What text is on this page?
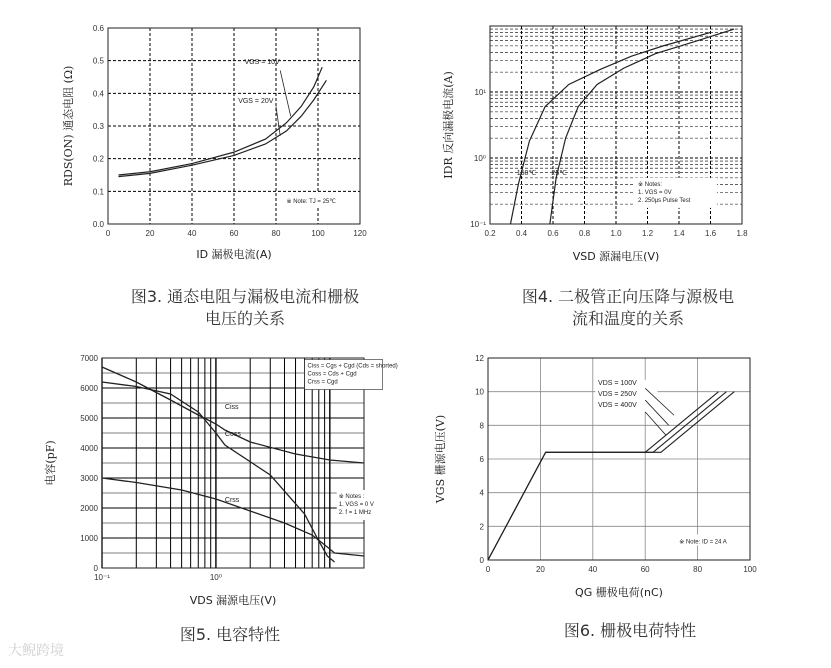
0	20	40	60	80	100	120
0.0
0.1
0.2
0.3
0.4
0.5
0.6
VGS = 10V
VGS = 20V
※ Note: TJ = 25℃
ID 漏极电流(A)
RDS(ON) 通态电阻 (Ω)
图3. 通态电阻与漏极电流和栅极
电压的关系
0.2	0.4	0.6	0.8	1.0	1.2	1.4	1.6	1.8
10⁻¹
10⁰
10¹
150℃ 25℃
※ Notes:
1. VGS = 0V
2. 250μs Pulse Test
VSD 源漏电压(V)
IDR 反向漏极电流(A)
图4. 二极管正向压降与源极电
流和温度的关系
10⁻¹	10⁰
0
1000
2000
3000
4000
5000
6000
7000
Ciss = Cgs + Cgd (Cds = shorted)
Coss = Cds + Cgd
Crss = Cgd
Ciss
Coss
Crss	※ Notes :
1. VGS = 0 V
2. f = 1 MHz
VDS 漏源电压(V)
电容(pF)
图5. 电容特性
0	20	40	60	80	100
0
2
4
6
8
10
12
VDS = 100V
VDS = 250V
VDS = 400V
※ Note: ID = 24 A
QG 栅极电荷(nC)
VGS 栅源电压(V)
图6. 栅极电荷特性
大鲵跨境
